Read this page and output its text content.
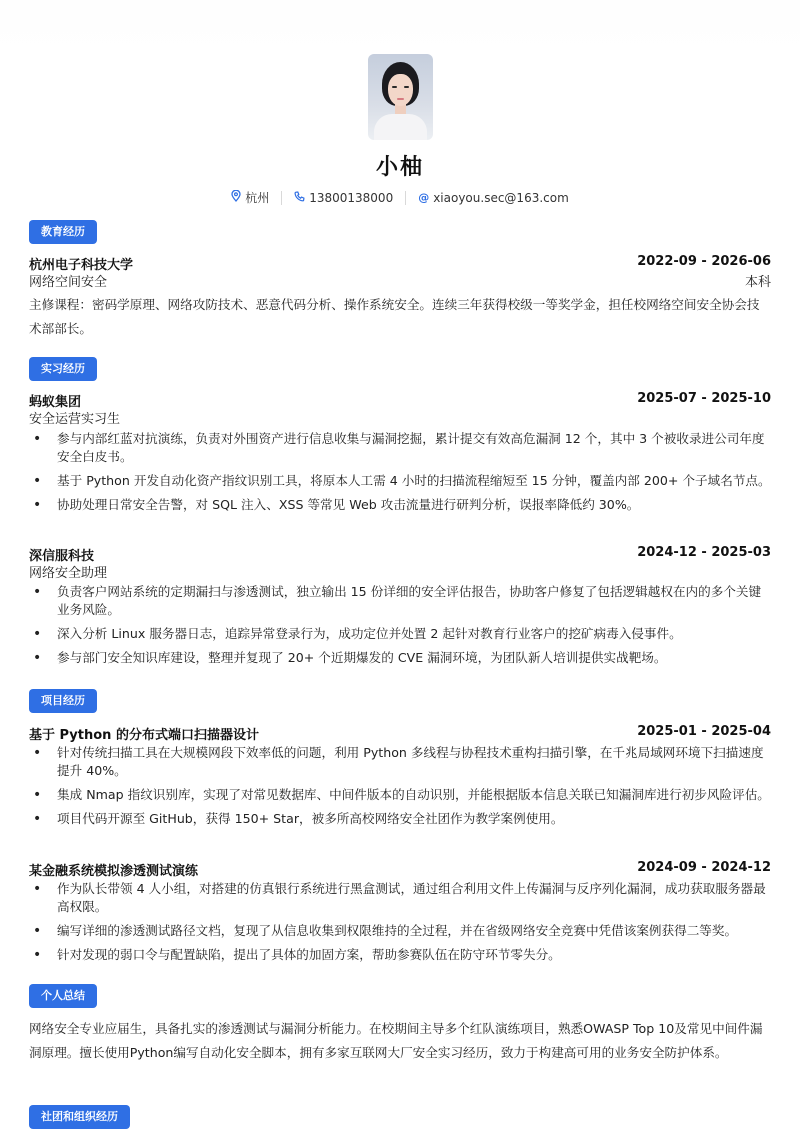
小柚
杭州	13800138000 @ xiaoyou.sec@163.com
教育经历
杭州电子科技大学	2022-09 - 2026-06
网络空间安全	本科
主修课程：密码学原理、网络攻防技术、恶意代码分析、操作系统安全。连续三年获得校级一等奖学金，担任校网络空间安全协会技术部部长。
实习经历
蚂蚁集团	2025-07 - 2025-10
安全运营实习生
• 参与内部红蓝对抗演练，负责对外围资产进行信息收集与漏洞挖掘，累计提交有效高危漏洞 12 个，其中 3 个被收录进公司年度安全白皮书。
• 基于 Python 开发自动化资产指纹识别工具，将原本人工需 4 小时的扫描流程缩短至 15 分钟，覆盖内部 200+ 个子域名节点。
• 协助处理日常安全告警，对 SQL 注入、XSS 等常见 Web 攻击流量进行研判分析，误报率降低约 30%。
深信服科技	2024-12 - 2025-03
网络安全助理
• 负责客户网站系统的定期漏扫与渗透测试，独立输出 15 份详细的安全评估报告，协助客户修复了包括逻辑越权在内的多个关键业务风险。
• 深入分析 Linux 服务器日志，追踪异常登录行为，成功定位并处置 2 起针对教育行业客户的挖矿病毒入侵事件。
• 参与部门安全知识库建设，整理并复现了 20+ 个近期爆发的 CVE 漏洞环境，为团队新人培训提供实战靶场。
项目经历
基于 Python 的分布式端口扫描器设计	2025-01 - 2025-04
• 针对传统扫描工具在大规模网段下效率低的问题，利用 Python 多线程与协程技术重构扫描引擎，在千兆局域网环境下扫描速度提升 40%。
• 集成 Nmap 指纹识别库，实现了对常见数据库、中间件版本的自动识别，并能根据版本信息关联已知漏洞库进行初步风险评估。
• 项目代码开源至 GitHub，获得 150+ Star，被多所高校网络安全社团作为教学案例使用。
某金融系统模拟渗透测试演练	2024-09 - 2024-12
• 作为队长带领 4 人小组，对搭建的仿真银行系统进行黑盒测试，通过组合利用文件上传漏洞与反序列化漏洞，成功获取服务器最高权限。
• 编写详细的渗透测试路径文档，复现了从信息收集到权限维持的全过程，并在省级网络安全竞赛中凭借该案例获得二等奖。
• 针对发现的弱口令与配置缺陷，提出了具体的加固方案，帮助参赛队伍在防守环节零失分。
个人总结
网络安全专业应届生，具备扎实的渗透测试与漏洞分析能力。在校期间主导多个红队演练项目，熟悉OWASP Top 10及常见中间件漏洞原理。擅长使用Python编写自动化安全脚本，拥有多家互联网大厂安全实习经历，致力于构建高可用的业务安全防护体系。
社团和组织经历
